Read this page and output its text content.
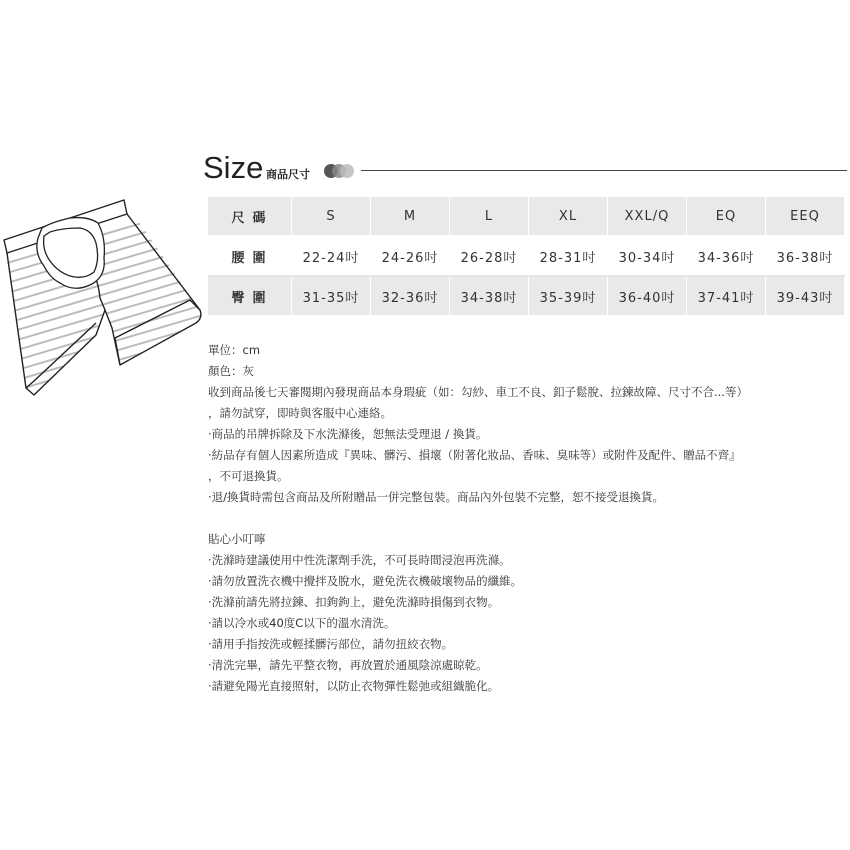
Size 商品尺寸
尺碼	S	M	L	XL	XXL/Q	EQ	EEQ
腰圍	22-24吋	24-26吋	26-28吋	28-31吋	30-34吋	34-36吋	36-38吋
臀圍	31-35吋	32-36吋	34-38吋	35-39吋	36-40吋	37-41吋	39-43吋

單位：cm

顏色：灰

收到商品後七天審閱期內發現商品本身瑕疵（如：勾紗、車工不良、釦子鬆脫、拉鍊故障、尺寸不合...等）

，請勿試穿，即時與客服中心連絡。

·商品的吊牌拆除及下水洗滌後，恕無法受理退 / 換貨。

·紡品存有個人因素所造成『異味、髒污、損壞（附著化妝品、香味、臭味等）或附件及配件、贈品不齊』

，不可退換貨。

·退/換貨時需包含商品及所附贈品一併完整包裝。商品內外包裝不完整，恕不接受退換貨。

貼心小叮嚀

·洗滌時建議使用中性洗潔劑手洗，不可長時間浸泡再洗滌。

·請勿放置洗衣機中攪拌及脫水，避免洗衣機破壞物品的纖維。

·洗滌前請先將拉鍊、扣鉤鉤上，避免洗滌時損傷到衣物。

·請以冷水或40度C以下的溫水清洗。

·請用手指按洗或輕揉髒污部位，請勿扭絞衣物。

·清洗完畢，請先平整衣物，再放置於通風陰涼處晾乾。

·請避免陽光直接照射，以防止衣物彈性鬆弛或組織脆化。
